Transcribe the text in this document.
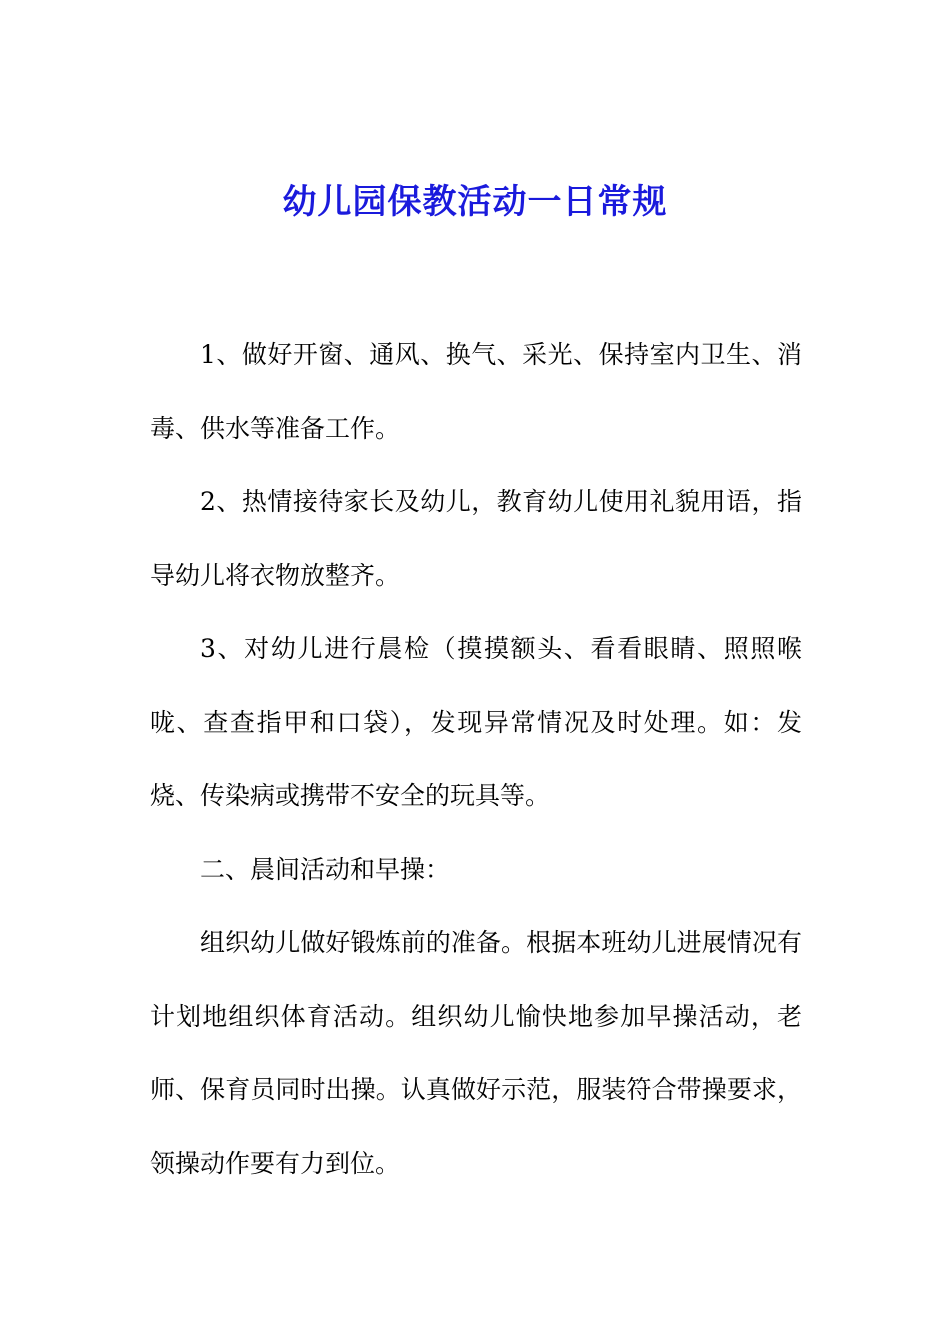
幼儿园保教活动一日常规

1、做好开窗、通风、换气、采光、保持室内卫生、消毒、供水等准备工作。

2、热情接待家长及幼儿，教育幼儿使用礼貌用语，指导幼儿将衣物放整齐。

3、对幼儿进行晨检（摸摸额头、看看眼睛、照照喉咙、查查指甲和口袋），发现异常情况及时处理。如：发烧、传染病或携带不安全的玩具等。

二、晨间活动和早操：

组织幼儿做好锻炼前的准备。根据本班幼儿进展情况有计划地组织体育活动。组织幼儿愉快地参加早操活动，老师、保育员同时出操。认真做好示范，服装符合带操要求，领操动作要有力到位。
